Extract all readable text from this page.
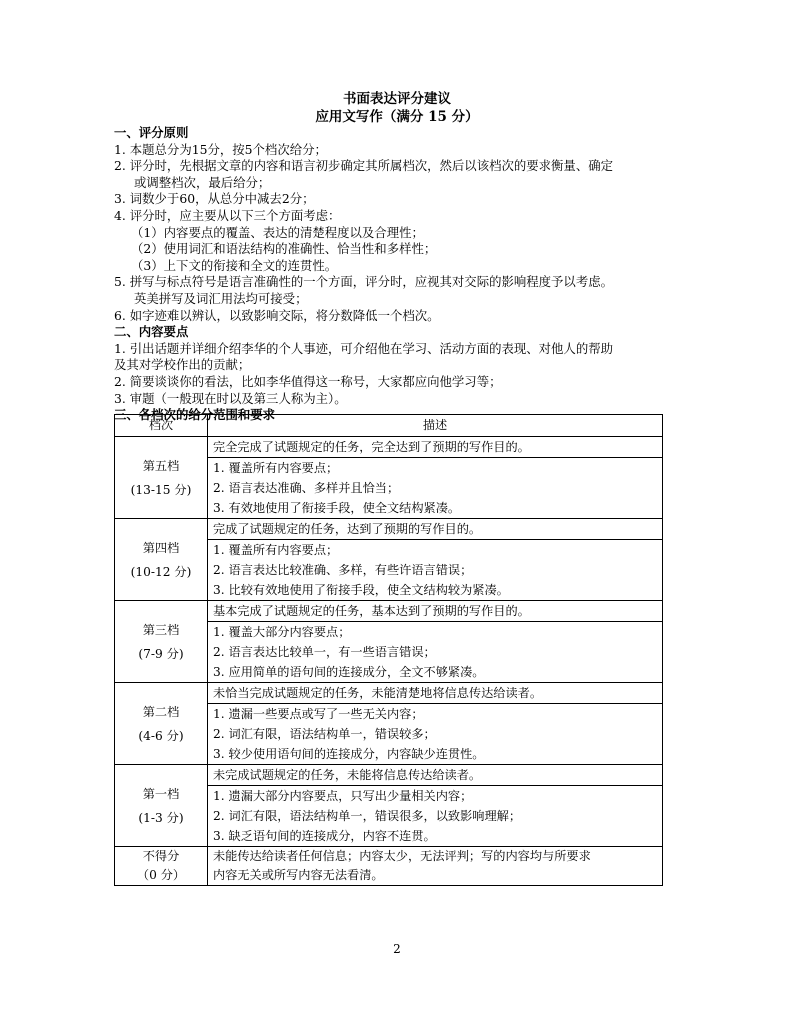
书面表达评分建议
应用文写作（满分 15 分）

一、评分原则

1. 本题总分为15分，按5个档次给分；

2. 评分时，先根据文章的内容和语言初步确定其所属档次，然后以该档次的要求衡量、确定

或调整档次，最后给分；

3. 词数少于60，从总分中减去2分；

4. 评分时，应主要从以下三个方面考虑：

（1）内容要点的覆盖、表达的清楚程度以及合理性；

（2）使用词汇和语法结构的准确性、恰当性和多样性；

（3）上下文的衔接和全文的连贯性。

5. 拼写与标点符号是语言准确性的一个方面，评分时，应视其对交际的影响程度予以考虑。

英美拼写及词汇用法均可接受；

6. 如字迹难以辨认，以致影响交际，将分数降低一个档次。

二、内容要点

1. 引出话题并详细介绍李华的个人事迹，可介绍他在学习、活动方面的表现、对他人的帮助

及其对学校作出的贡献；

2. 简要谈谈你的看法，比如李华值得这一称号，大家都应向他学习等；

3. 审题（一般现在时以及第三人称为主）。

三、各档次的给分范围和要求

档次	描述

第五档
(13-15 分)	完全完成了试题规定的任务，完全达到了预期的写作目的。

	1. 覆盖所有内容要点；
2. 语言表达准确、多样并且恰当；
3. 有效地使用了衔接手段，使全文结构紧凑。

第四档
(10-12 分)	完成了试题规定的任务，达到了预期的写作目的。

	1. 覆盖所有内容要点；
2. 语言表达比较准确、多样，有些许语言错误；
3. 比较有效地使用了衔接手段，使全文结构较为紧凑。

第三档
(7-9 分)	基本完成了试题规定的任务，基本达到了预期的写作目的。

	1. 覆盖大部分内容要点；
2. 语言表达比较单一，有一些语言错误；
3. 应用简单的语句间的连接成分，全文不够紧凑。

第二档
(4-6 分)	未恰当完成试题规定的任务，未能清楚地将信息传达给读者。

	1. 遗漏一些要点或写了一些无关内容；
2. 词汇有限，语法结构单一，错误较多；
3. 较少使用语句间的连接成分，内容缺少连贯性。

第一档
(1-3 分)	未完成试题规定的任务，未能将信息传达给读者。

	1. 遗漏大部分内容要点，只写出少量相关内容；
2. 词汇有限，语法结构单一，错误很多，以致影响理解；
3. 缺乏语句间的连接成分，内容不连贯。

不得分
（0 分）	未能传达给读者任何信息；内容太少，无法评判；写的内容均与所要求
内容无关或所写内容无法看清。
2
